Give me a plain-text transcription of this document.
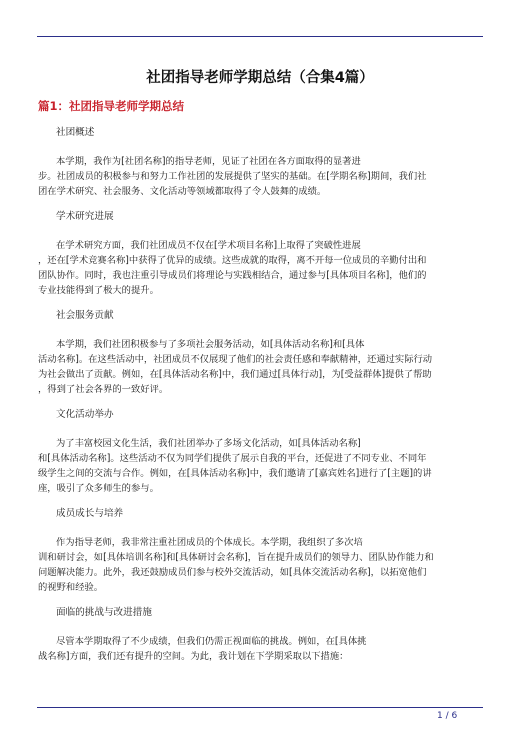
社团指导老师学期总结（合集4篇）
篇1：社团指导老师学期总结
社团概述
本学期，我作为[社团名称]的指导老师，见证了社团在各方面取得的显著进
步。社团成员的积极参与和努力工作社团的发展提供了坚实的基础。在[学期名称]期间，我们社
团在学术研究、社会服务、文化活动等领域都取得了令人鼓舞的成绩。
学术研究进展
在学术研究方面，我们社团成员不仅在[学术项目名称]上取得了突破性进展
，还在[学术竞赛名称]中获得了优异的成绩。这些成就的取得，离不开每一位成员的辛勤付出和
团队协作。同时，我也注重引导成员们将理论与实践相结合，通过参与[具体项目名称]，他们的
专业技能得到了极大的提升。
社会服务贡献
本学期，我们社团积极参与了多项社会服务活动，如[具体活动名称]和[具体
活动名称]。在这些活动中，社团成员不仅展现了他们的社会责任感和奉献精神，还通过实际行动
为社会做出了贡献。例如，在[具体活动名称]中，我们通过[具体行动]，为[受益群体]提供了帮助
，得到了社会各界的一致好评。
文化活动举办
为了丰富校园文化生活，我们社团举办了多场文化活动，如[具体活动名称]
和[具体活动名称]。这些活动不仅为同学们提供了展示自我的平台，还促进了不同专业、不同年
级学生之间的交流与合作。例如，在[具体活动名称]中，我们邀请了[嘉宾姓名]进行了[主题]的讲
座，吸引了众多师生的参与。
成员成长与培养
作为指导老师，我非常注重社团成员的个体成长。本学期，我组织了多次培
训和研讨会，如[具体培训名称]和[具体研讨会名称]，旨在提升成员们的领导力、团队协作能力和
问题解决能力。此外，我还鼓励成员们参与校外交流活动，如[具体交流活动名称]，以拓宽他们
的视野和经验。
面临的挑战与改进措施
尽管本学期取得了不少成绩，但我们仍需正视面临的挑战。例如，在[具体挑
战名称]方面，我们还有提升的空间。为此，我计划在下学期采取以下措施：
1 / 6
